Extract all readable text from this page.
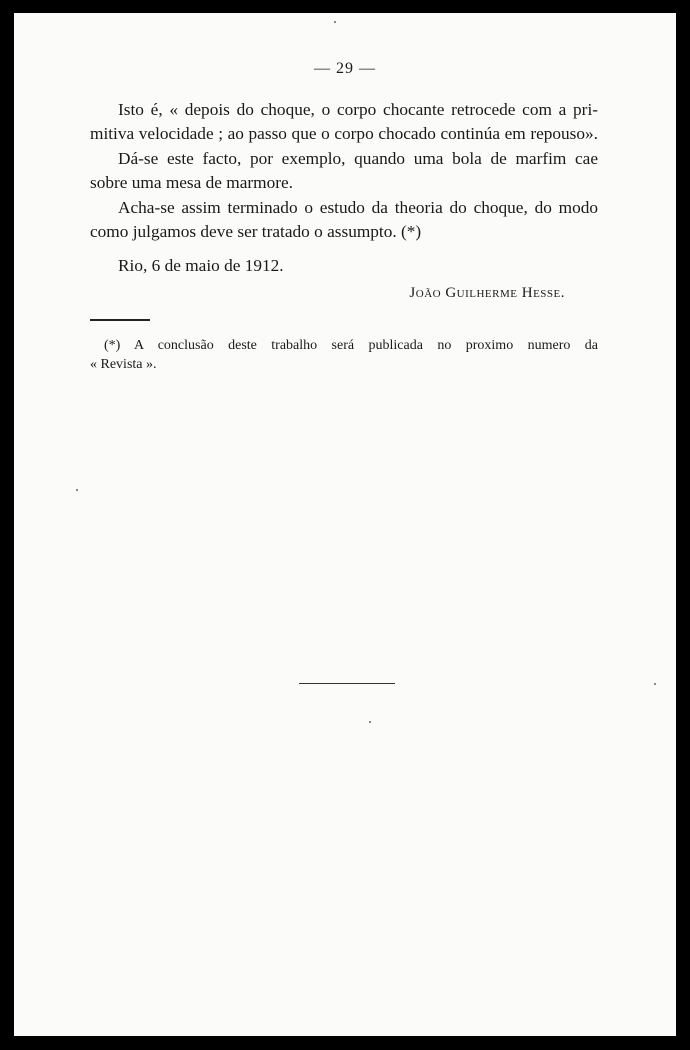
— 29 —
Isto é, « depois do choque, o corpo chocante retrocede com a pri-
mitiva velocidade ; ao passo que o corpo chocado continúa em repouso».
Dá-se este facto, por exemplo, quando uma bola de marfim cae
sobre uma mesa de marmore.
Acha-se assim terminado o estudo da theoria do choque, do modo
como julgamos deve ser tratado o assumpto. (*)
Rio, 6 de maio de 1912.
João Guilherme Hesse.
(*) A conclusão deste trabalho será publicada no proximo numero da
« Revista ».
